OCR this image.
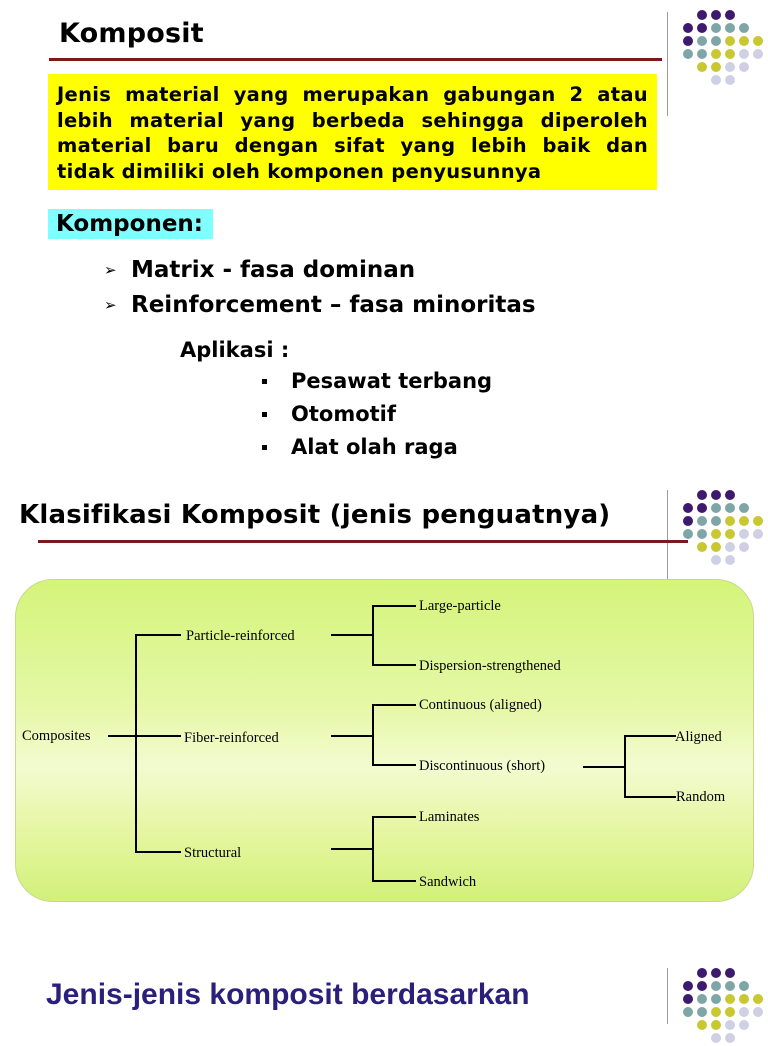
Komposit
Jenis material yang merupakan gabungan 2 atau lebih material yang berbeda sehingga diperoleh material baru dengan sifat yang lebih baik dan tidak dimiliki oleh komponen penyusunnya
Komponen:
➢ Matrix - fasa dominan
➢ Reinforcement – fasa minoritas
Aplikasi :
Pesawat terbang
Otomotif
Alat olah raga
Klasifikasi Komposit (jenis penguatnya)
Composites
Particle-reinforced
Fiber-reinforced
Structural
Large-particle
Dispersion-strengthened
Continuous (aligned)
Discontinuous (short)
Aligned
Random
Laminates
Sandwich
Jenis-jenis komposit berdasarkan
